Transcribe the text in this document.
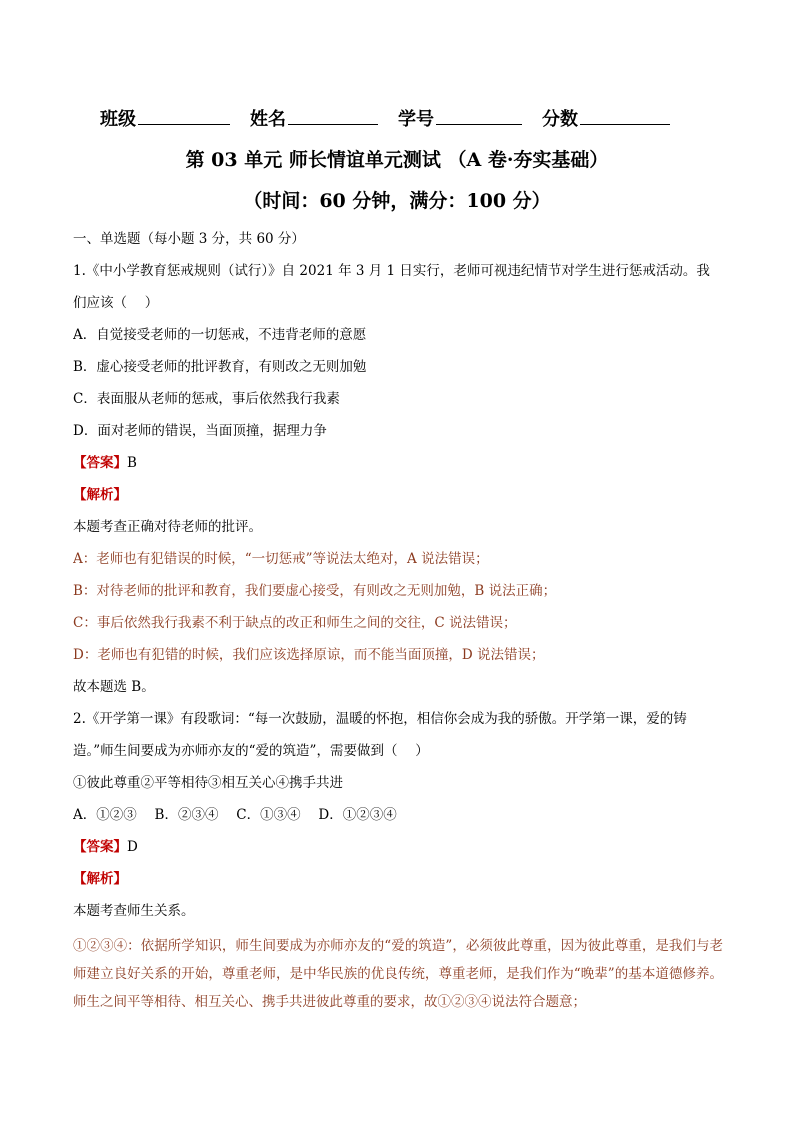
班级	姓名	学号	分数
第 03 单元 师长情谊单元测试 （A 卷·夯实基础）
（时间：60 分钟，满分：100 分）
一、单选题（每小题 3 分，共 60 分）
1.《中小学教育惩戒规则（试行）》自 2021 年 3 月 1 日实行，老师可视违纪情节对学生进行惩戒活动。我
们应该（　 ）
A．自觉接受老师的一切惩戒，不违背老师的意愿
B．虚心接受老师的批评教育，有则改之无则加勉
C．表面服从老师的惩戒，事后依然我行我素
D．面对老师的错误，当面顶撞，据理力争
【答案】B
【解析】
本题考查正确对待老师的批评。
A：老师也有犯错误的时候，“一切惩戒”等说法太绝对，A 说法错误；
B：对待老师的批评和教育，我们要虚心接受，有则改之无则加勉，B 说法正确；
C：事后依然我行我素不利于缺点的改正和师生之间的交往，C 说法错误；
D：老师也有犯错的时候，我们应该选择原谅，而不能当面顶撞，D 说法错误；
故本题选 B。
2.《开学第一课》有段歌词：“每一次鼓励，温暖的怀抱，相信你会成为我的骄傲。开学第一课，爱的铸
造。”师生间要成为亦师亦友的“爱的筑造”，需要做到（　 ）
①彼此尊重②平等相待③相互关心④携手共进
A．①②③　 B．②③④　 C．①③④　 D．①②③④
【答案】D
【解析】
本题考查师生关系。
①②③④：依据所学知识，师生间要成为亦师亦友的“爱的筑造”，必须彼此尊重，因为彼此尊重，是我们与老师建立良好关系的开始，尊重老师，是中华民族的优良传统，尊重老师，是我们作为“晚辈”的基本道德修养。师生之间平等相待、相互关心、携手共进彼此尊重的要求，故①②③④说法符合题意；
